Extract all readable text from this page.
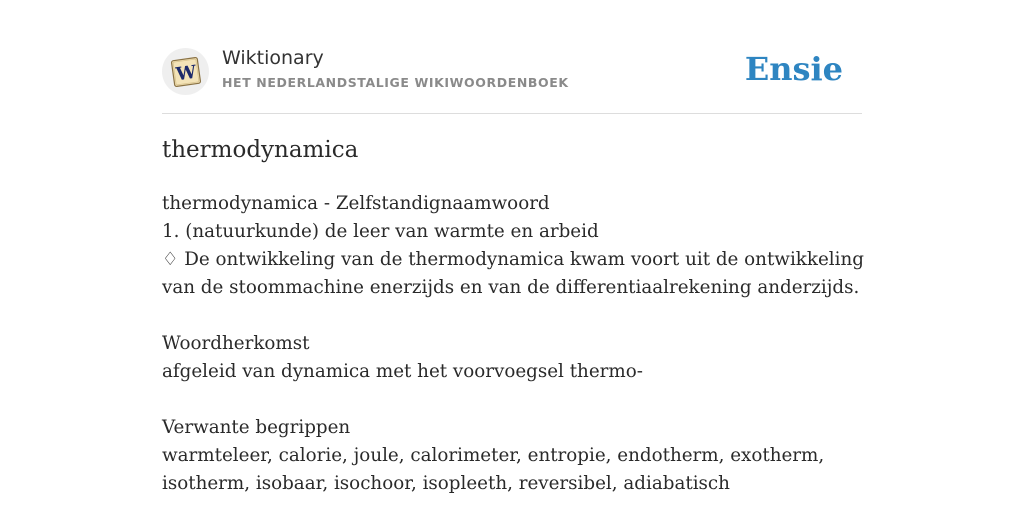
W
Wiktionary
HET NEDERLANDSTALIGE WIKIWOORDENBOEK	Ensie
thermodynamica

thermodynamica - Zelfstandignaamwoord

1. (natuurkunde) de leer van warmte en arbeid

♢ De ontwikkeling van de thermodynamica kwam voort uit de ontwikkeling van de stoommachine enerzijds en van de differentiaalrekening anderzijds.

Woordherkomst

afgeleid van dynamica met het voorvoegsel thermo-

Verwante begrippen

warmteleer, calorie, joule, calorimeter, entropie, endotherm, exotherm, isotherm, isobaar, isochoor, isopleeth, reversibel, adiabatisch
